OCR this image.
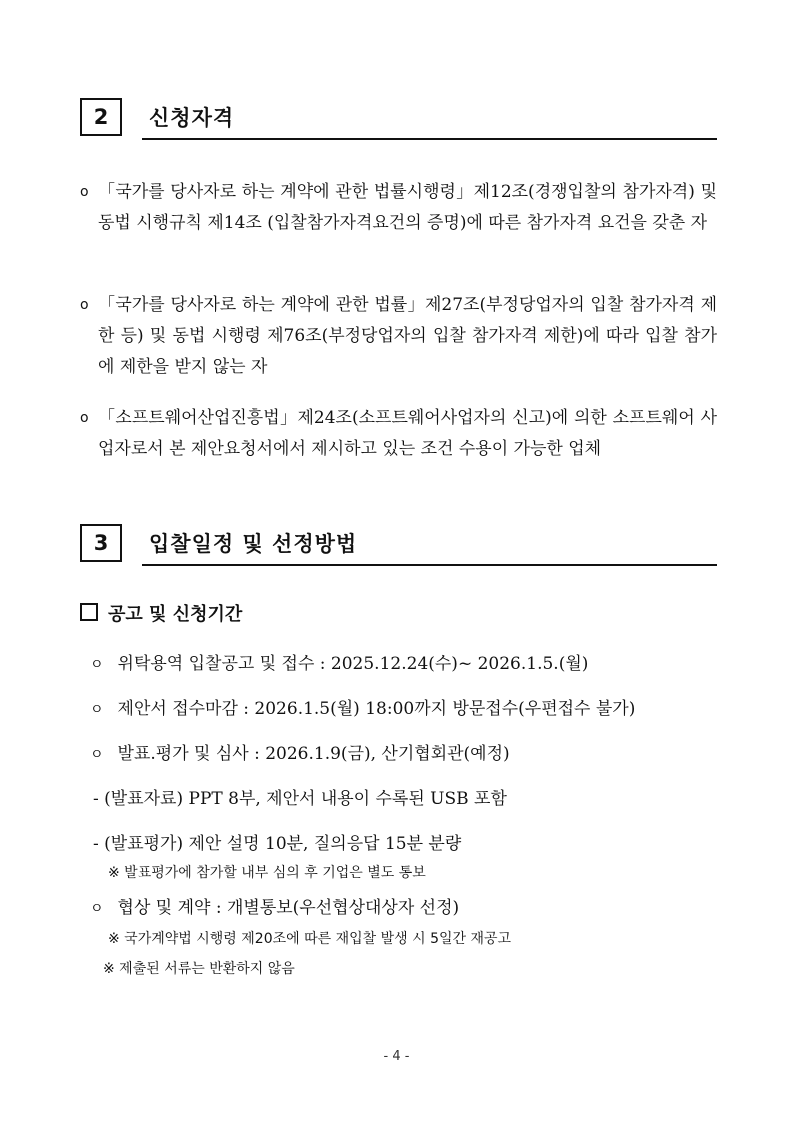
2	신청자격
o 「국가를 당사자로 하는 계약에 관한 법률시행령」제12조(경쟁입찰의 참가자격) 및 동법 시행규칙 제14조 (입찰참가자격요건의 증명)에 따른 참가자격 요건을 갖춘 자
o 「국가를 당사자로 하는 계약에 관한 법률」제27조(부정당업자의 입찰 참가자격 제한 등) 및 동법 시행령 제76조(부정당업자의 입찰 참가자격 제한)에 따라 입찰 참가에 제한을 받지 않는 자
o 「소프트웨어산업진흥법」제24조(소프트웨어사업자의 신고)에 의한 소프트웨어 사업자로서 본 제안요청서에서 제시하고 있는 조건 수용이 가능한 업체
3	입찰일정 및 선정방법
공고 및 신청기간
ㅇ 위탁용역 입찰공고 및 접수 : 2025.12.24(수)~ 2026.1.5.(월)
ㅇ 제안서 접수마감 : 2026.1.5(월) 18:00까지 방문접수(우편접수 불가)
ㅇ 발표.평가 및 심사 : 2026.1.9(금), 산기협회관(예정)
- (발표자료) PPT 8부, 제안서 내용이 수록된 USB 포함
- (발표평가) 제안 설명 10분, 질의응답 15분 분량
※ 발표평가에 참가할 내부 심의 후 기업은 별도 통보
ㅇ 협상 및 계약 : 개별통보(우선협상대상자 선정)
※ 국가계약법 시행령 제20조에 따른 재입찰 발생 시 5일간 재공고
※ 제출된 서류는 반환하지 않음
- 4 -
